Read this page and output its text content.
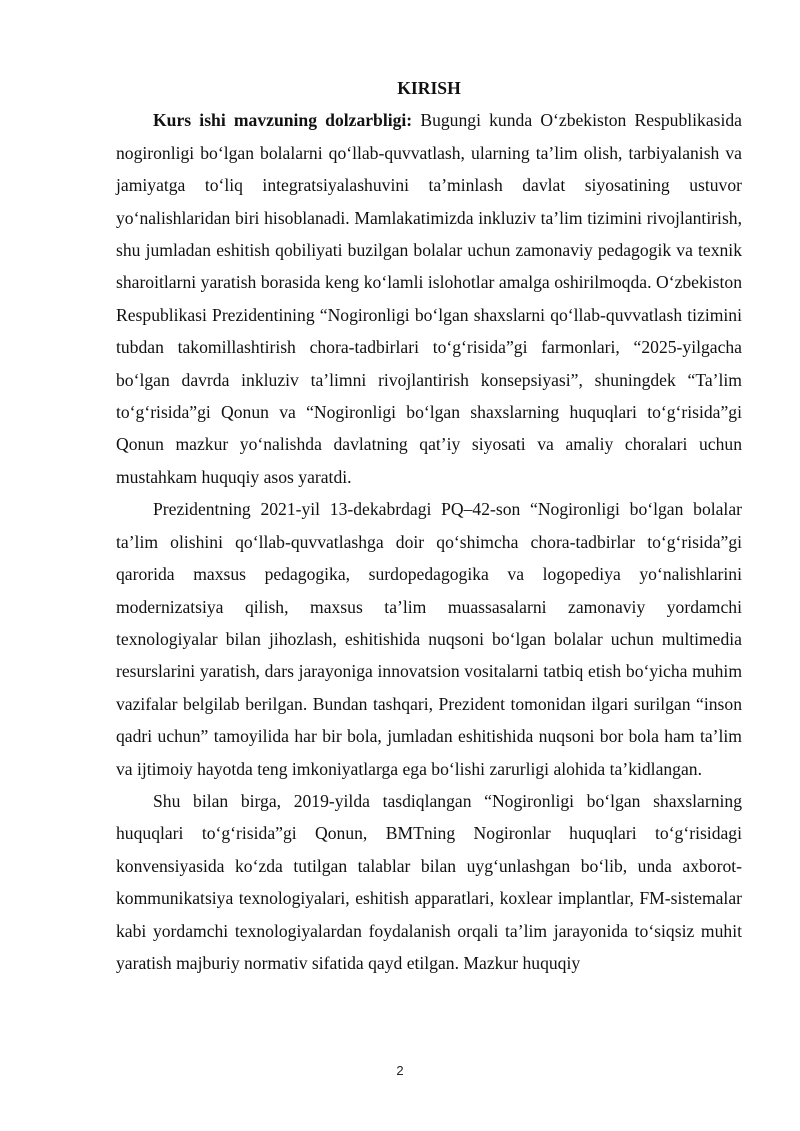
KIRISH

Kurs ishi mavzuning dolzarbligi: Bugungi kunda O‘zbekiston Respublikasida nogironligi bo‘lgan bolalarni qo‘llab-quvvatlash, ularning ta’lim olish, tarbiyalanish va jamiyatga to‘liq integratsiyalashuvini ta’minlash davlat siyosatining ustuvor yo‘nalishlaridan biri hisoblanadi. Mamlakatimizda inkluziv ta’lim tizimini rivojlantirish, shu jumladan eshitish qobiliyati buzilgan bolalar uchun zamonaviy pedagogik va texnik sharoitlarni yaratish borasida keng ko‘lamli islohotlar amalga oshirilmoqda. O‘zbekiston Respublikasi Prezidentining “Nogironligi bo‘lgan shaxslarni qo‘llab-quvvatlash tizimini tubdan takomillashtirish chora-tadbirlari to‘g‘risida”gi farmonlari, “2025-yilgacha bo‘lgan davrda inkluziv ta’limni rivojlantirish konsepsiyasi”, shuningdek “Ta’lim to‘g‘risida”gi Qonun va “Nogironligi bo‘lgan shaxslarning huquqlari to‘g‘risida”gi Qonun mazkur yo‘nalishda davlatning qat’iy siyosati va amaliy choralari uchun mustahkam huquqiy asos yaratdi.

Prezidentning 2021-yil 13-dekabrdagi PQ–42-son “Nogironligi bo‘lgan bolalar ta’lim olishini qo‘llab-quvvatlashga doir qo‘shimcha chora-tadbirlar to‘g‘risida”gi qarorida maxsus pedagogika, surdopedagogika va logopediya yo‘nalishlarini modernizatsiya qilish, maxsus ta’lim muassasalarni zamonaviy yordamchi texnologiyalar bilan jihozlash, eshitishida nuqsoni bo‘lgan bolalar uchun multimedia resurslarini yaratish, dars jarayoniga innovatsion vositalarni tatbiq etish bo‘yicha muhim vazifalar belgilab berilgan. Bundan tashqari, Prezident tomonidan ilgari surilgan “inson qadri uchun” tamoyilida har bir bola, jumladan eshitishida nuqsoni bor bola ham ta’lim va ijtimoiy hayotda teng imkoniyatlarga ega bo‘lishi zarurligi alohida ta’kidlangan.

Shu bilan birga, 2019-yilda tasdiqlangan “Nogironligi bo‘lgan shaxslarning huquqlari to‘g‘risida”gi Qonun, BMTning Nogironlar huquqlari to‘g‘risidagi konvensiyasida ko‘zda tutilgan talablar bilan uyg‘unlashgan bo‘lib, unda axborot-kommunikatsiya texnologiyalari, eshitish apparatlari, koxlear implantlar, FM-sistemalar kabi yordamchi texnologiyalardan foydalanish orqali ta’lim jarayonida to‘siqsiz muhit yaratish majburiy normativ sifatida qayd etilgan. Mazkur huquqiy

2
